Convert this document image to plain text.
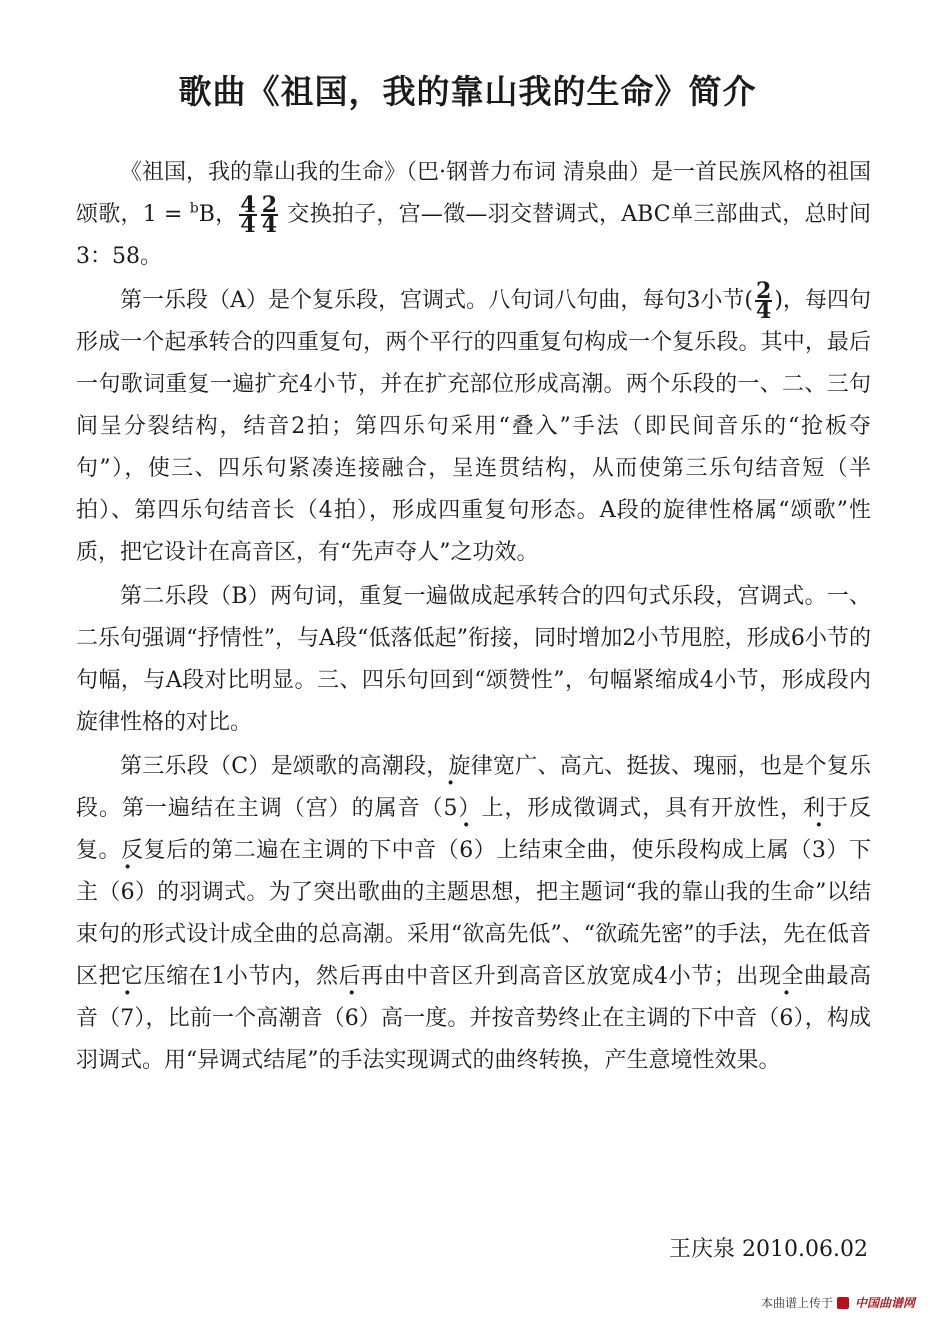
歌曲《祖国，我的靠山我的生命》简介

《祖国，我的靠山我的生命》（巴·钢普力布词 清泉曲）是一首民族风格的祖国颂歌，1 = $^b$B， $\frac{4}{4} \frac{2}{4}$ 交换拍子，宫—徵—羽交替调式，ABC单三部曲式，总时间3：58。

第一乐段（A）是个复乐段，宫调式。八句词八句曲，每句3小节( $\frac{2}{4}$ )，每四句形成一个起承转合的四重复句，两个平行的四重复句构成一个复乐段。其中，最后一句歌词重复一遍扩充4小节，并在扩充部位形成高潮。两个乐段的一、二、三句间呈分裂结构，结音2拍；第四乐句采用“叠入”手法（即民间音乐的“抢板夺句”），使三、四乐句紧凑连接融合，呈连贯结构，从而使第三乐句结音短（半拍）、第四乐句结音长（4拍），形成四重复句形态。A段的旋律性格属“颂歌”性质，把它设计在高音区，有“先声夺人”之功效。

第二乐段（B）两句词，重复一遍做成起承转合的四句式乐段，宫调式。一、二乐句强调“抒情性”，与A段“低落低起”衔接，同时增加2小节甩腔，形成6小节的句幅，与A段对比明显。三、四乐句回到“颂赞性”，句幅紧缩成4小节，形成段内旋律性格的对比。

第三乐段（C）是颂歌的高潮段，旋律宽广、高亢、挺拔、瑰丽，也是个复乐段。第一遍结在主调（宫）的属音（· 5）上，形成徵调式，具有开放性，利于反复。反复后的第二遍在主调的下中音（· 6）上结束全曲，使乐段构成上属（· 3）下主（· 6）的羽调式。为了突出歌曲的主题思想，把主题词“我的靠山我的生命”以结束句的形式设计成全曲的总高潮。采用“欲高先低”、“欲疏先密”的手法，先在低音区把它压缩在1小节内，然后再由中音区升到高音区放宽成4小节；出现全曲最高音（· 7），比前一个高潮音（· 6）高一度。并按音势终止在主调的下中音（· 6），构成羽调式。用“异调式结尾”的手法实现调式的曲终转换，产生意境性效果。

王庆泉 2010.06.02
本曲谱上传于 中国曲谱网
